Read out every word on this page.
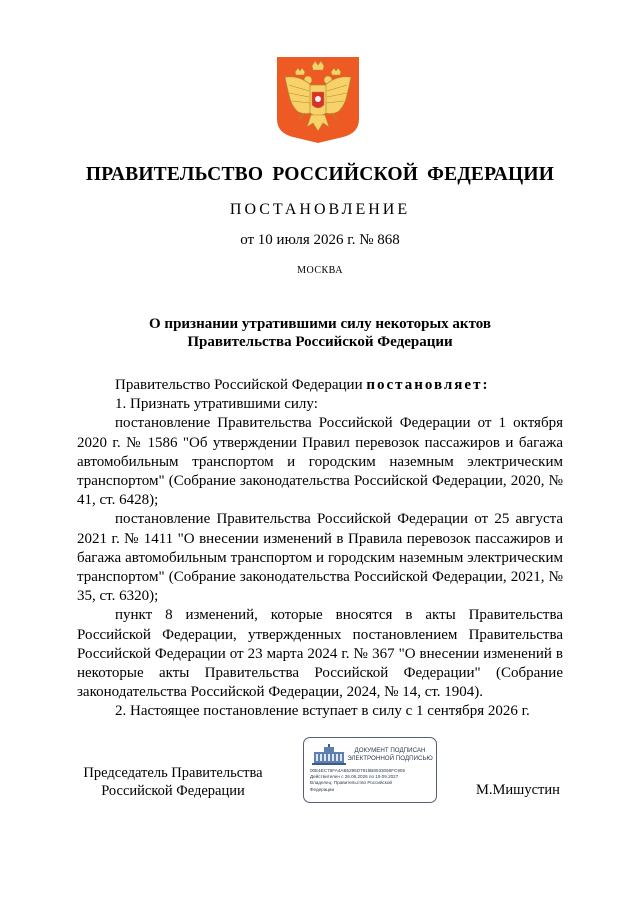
ПРАВИТЕЛЬСТВО РОССИЙСКОЙ ФЕДЕРАЦИИ
ПОСТАНОВЛЕНИЕ
от 10 июля 2026 г. № 868
МОСКВА
О признании утратившими силу некоторых актов
Правительства Российской Федерации

Правительство Российской Федерации постановляет:

1. Признать утратившими силу:

постановление Правительства Российской Федерации от 1 октября 2020 г. № 1586 "Об утверждении Правил перевозок пассажиров и багажа автомобильным транспортом и городским наземным электрическим транспортом" (Собрание законодательства Российской Федерации, 2020, № 41, ст. 6428);

постановление Правительства Российской Федерации от 25 августа 2021 г. № 1411 "О внесении изменений в Правила перевозок пассажиров и багажа автомобильным транспортом и городским наземным электрическим транспортом" (Собрание законодательства Российской Федерации, 2021, № 35, ст. 6320);

пункт 8 изменений, которые вносятся в акты Правительства Российской Федерации, утвержденных постановлением Правительства Российской Федерации от 23 марта 2024 г. № 367 "О внесении изменений в некоторые акты Правительства Российской Федерации" (Собрание законодательства Российской Федерации, 2024, № 14, ст. 1904).

2. Настоящее постановление вступает в силу с 1 сентября 2026 г.

Председатель Правительства
Российской Федерации
ДОКУМЕНТ ПОДПИСАН
ЭЛЕКТРОННОЙ ПОДПИСЬЮ
00E4EC76FA4AB5296D7915B8033066FC905
Действителен с 26.06.2026 по 19.09.2027
Владелец: Правительство Российской
Федерации	М.Мишустин
